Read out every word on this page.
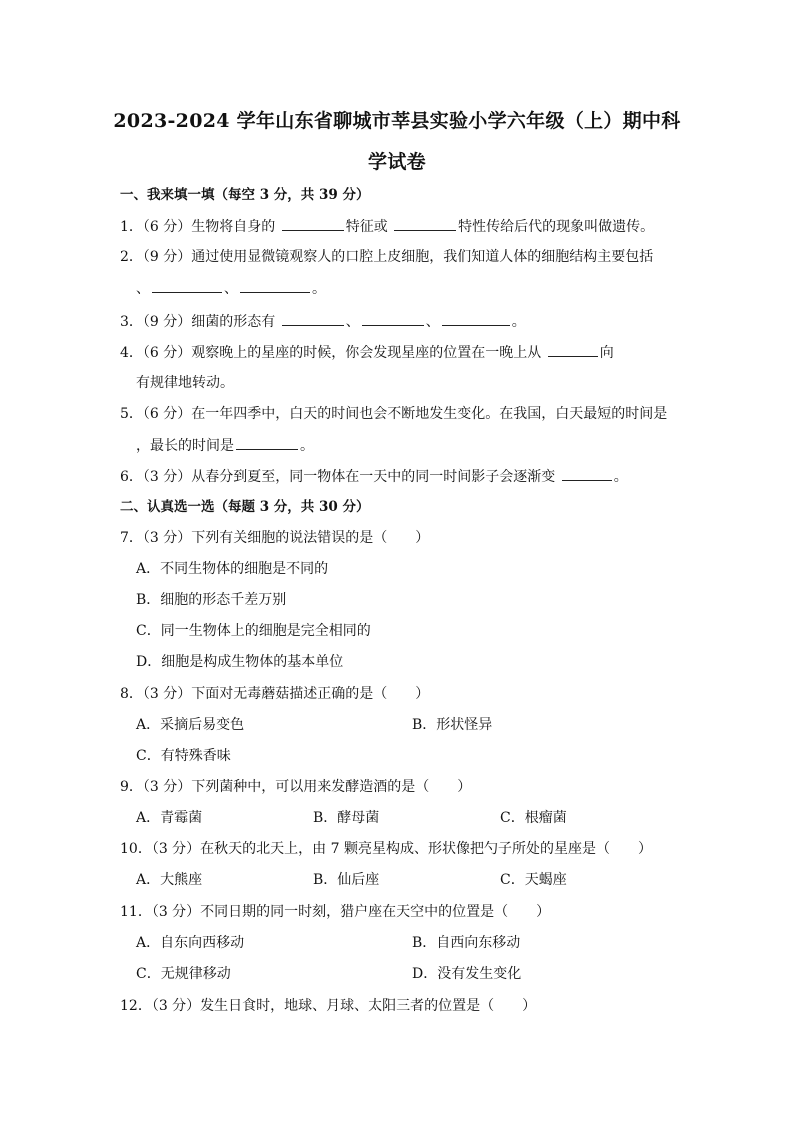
2023-2024 学年山东省聊城市莘县实验小学六年级（上）期中科
学试卷
一、我来填一填（每空 3 分，共 39 分）
1．（6 分）生物将自身的	特征或	特性传给后代的现象叫做遗传。
2．（9 分）通过使用显微镜观察人的口腔上皮细胞，我们知道人体的细胞结构主要包括
、	、	。
3．（9 分）细菌的形态有	、	、	。
4．（6 分）观察晚上的星座的时候，你会发现星座的位置在一晚上从	向
有规律地转动。
5．（6 分）在一年四季中，白天的时间也会不断地发生变化。在我国，白天最短的时间是
，最长的时间是	。
6．（3 分）从春分到夏至，同一物体在一天中的同一时间影子会逐渐变	。
二、认真选一选（每题 3 分，共 30 分）
7．（3 分）下列有关细胞的说法错误的是（　　）
A．不同生物体的细胞是不同的
B．细胞的形态千差万别
C．同一生物体上的细胞是完全相同的
D．细胞是构成生物体的基本单位
8．（3 分）下面对无毒蘑菇描述正确的是（　　）
A．采摘后易变色	B．形状怪异
C．有特殊香味
9．（3 分）下列菌种中，可以用来发酵造酒的是（　　）
A．青霉菌	B．酵母菌	C．根瘤菌
10．（3 分）在秋天的北天上，由 7 颗亮星构成、形状像把勺子所处的星座是（　　）
A．大熊座	B．仙后座	C．天蝎座
11．（3 分）不同日期的同一时刻，猎户座在天空中的位置是（　　）
A．自东向西移动	B．自西向东移动
C．无规律移动	D．没有发生变化
12．（3 分）发生日食时，地球、月球、太阳三者的位置是（　　）
